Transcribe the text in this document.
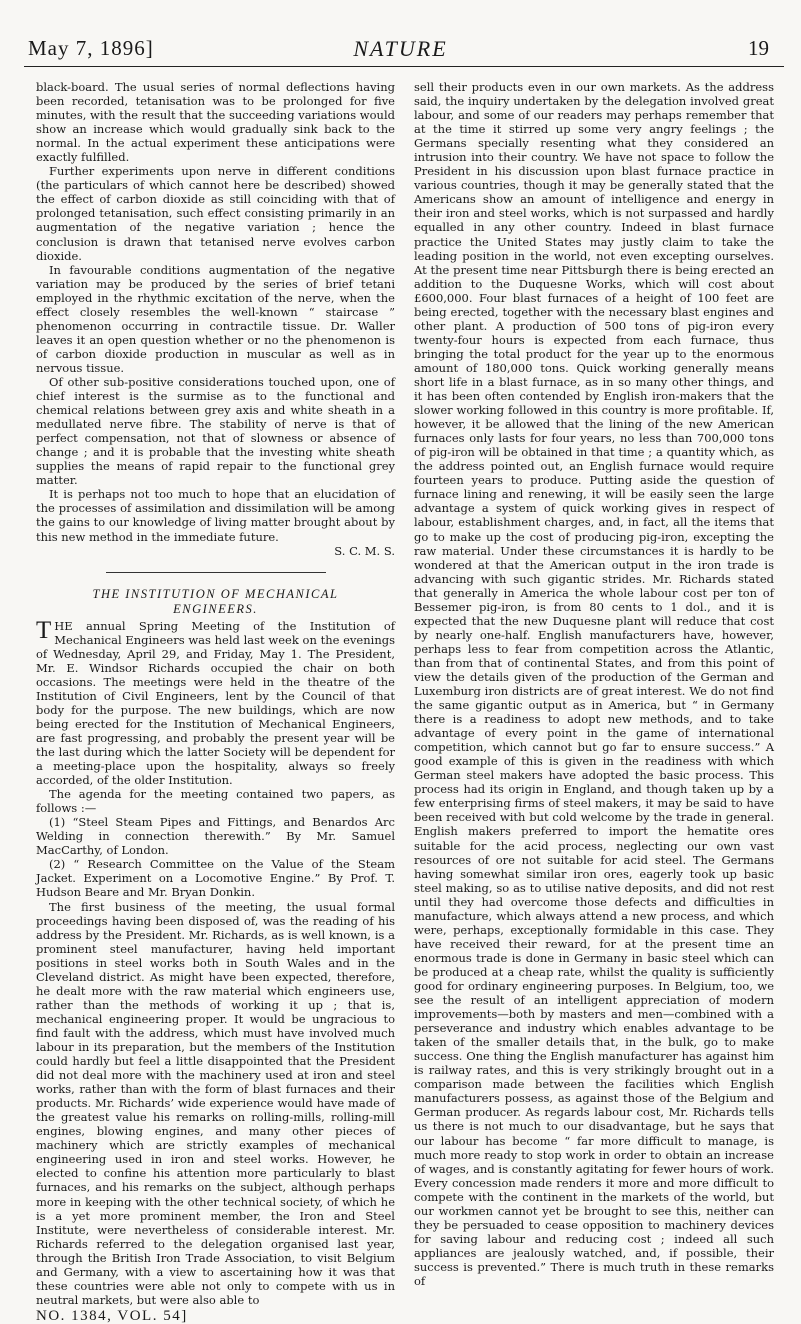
May 7, 1896]	NATURE	19

black-board. The usual series of normal deflections having been recorded, tetanisation was to be prolonged for five minutes, with the result that the succeeding variations would show an increase which would gradually sink back to the normal. In the actual experiment these anticipations were exactly fulfilled.

Further experiments upon nerve in different conditions (the particulars of which cannot here be described) showed the effect of carbon dioxide as still coinciding with that of prolonged tetanisation, such effect consisting primarily in an augmentation of the negative variation ; hence the conclusion is drawn that tetanised nerve evolves carbon dioxide.

In favourable conditions augmentation of the negative variation may be produced by the series of brief tetani employed in the rhythmic excitation of the nerve, when the effect closely resembles the well-known “ staircase ” phenomenon occurring in contractile tissue. Dr. Waller leaves it an open question whether or no the phenomenon is of carbon dioxide production in muscular as well as in nervous tissue.

Of other sub-positive considerations touched upon, one of chief interest is the surmise as to the functional and chemical relations between grey axis and white sheath in a medullated nerve fibre. The stability of nerve is that of perfect compensation, not that of slowness or absence of change ; and it is probable that the investing white sheath supplies the means of rapid repair to the functional grey matter.

It is perhaps not too much to hope that an elucidation of the processes of assimilation and dissimilation will be among the gains to our knowledge of living matter brought about by this new method in the immediate future.

S. C. M. S.

THE INSTITUTION OF MECHANICAL
ENGINEERS.

THE annual Spring Meeting of the Institution of Mechanical Engineers was held last week on the evenings of Wednesday, April 29, and Friday, May 1. The President, Mr. E. Windsor Richards occupied the chair on both occasions. The meetings were held in the theatre of the Institution of Civil Engineers, lent by the Council of that body for the purpose. The new buildings, which are now being erected for the Institution of Mechanical Engineers, are fast progressing, and probably the present year will be the last during which the latter Society will be dependent for a meeting-place upon the hospitality, always so freely accorded, of the older Institution.

The agenda for the meeting contained two papers, as follows :—

(1) “Steel Steam Pipes and Fittings, and Benardos Arc Welding in connection therewith.” By Mr. Samuel MacCarthy, of London.

(2) “ Research Committee on the Value of the Steam Jacket. Experiment on a Locomotive Engine.” By Prof. T. Hudson Beare and Mr. Bryan Donkin.

The first business of the meeting, the usual formal proceedings having been disposed of, was the reading of his address by the President. Mr. Richards, as is well known, is a prominent steel manufacturer, having held important positions in steel works both in South Wales and in the Cleveland district. As might have been expected, therefore, he dealt more with the raw material which engineers use, rather than the methods of working it up ; that is, mechanical engineering proper. It would be ungracious to find fault with the address, which must have involved much labour in its preparation, but the members of the Institution could hardly but feel a little disappointed that the President did not deal more with the machinery used at iron and steel works, rather than with the form of blast furnaces and their products. Mr. Richards’ wide experience would have made of the greatest value his remarks on rolling-mills, rolling-mill engines, blowing engines, and many other pieces of machinery which are strictly examples of mechanical engineering used in iron and steel works. However, he elected to confine his attention more particularly to blast furnaces, and his remarks on the subject, although perhaps more in keeping with the other technical society, of which he is a yet more prominent member, the Iron and Steel Institute, were nevertheless of considerable interest. Mr. Richards referred to the delegation organised last year, through the British Iron Trade Association, to visit Belgium and Germany, with a view to ascertaining how it was that these countries were able not only to compete with us in neutral markets, but were also able to

NO. 1384, VOL. 54]

sell their products even in our own markets. As the address said, the inquiry undertaken by the delegation involved great labour, and some of our readers may perhaps remember that at the time it stirred up some very angry feelings ; the Germans specially resenting what they considered an intrusion into their country. We have not space to follow the President in his discussion upon blast furnace practice in various countries, though it may be generally stated that the Americans show an amount of intelligence and energy in their iron and steel works, which is not surpassed and hardly equalled in any other country. Indeed in blast furnace practice the United States may justly claim to take the leading position in the world, not even excepting ourselves. At the present time near Pittsburgh there is being erected an addition to the Duquesne Works, which will cost about £600,000. Four blast furnaces of a height of 100 feet are being erected, together with the necessary blast engines and other plant. A production of 500 tons of pig-iron every twenty-four hours is expected from each furnace, thus bringing the total product for the year up to the enormous amount of 180,000 tons. Quick working generally means short life in a blast furnace, as in so many other things, and it has been often contended by English iron-makers that the slower working followed in this country is more profitable. If, however, it be allowed that the lining of the new American furnaces only lasts for four years, no less than 700,000 tons of pig-iron will be obtained in that time ; a quantity which, as the address pointed out, an English furnace would require fourteen years to produce. Putting aside the question of furnace lining and renewing, it will be easily seen the large advantage a system of quick working gives in respect of labour, establishment charges, and, in fact, all the items that go to make up the cost of producing pig-iron, excepting the raw material. Under these circumstances it is hardly to be wondered at that the American output in the iron trade is advancing with such gigantic strides. Mr. Richards stated that generally in America the whole labour cost per ton of Bessemer pig-iron, is from 80 cents to 1 dol., and it is expected that the new Duquesne plant will reduce that cost by nearly one-half. English manufacturers have, however, perhaps less to fear from competition across the Atlantic, than from that of continental States, and from this point of view the details given of the production of the German and Luxemburg iron districts are of great interest. We do not find the same gigantic output as in America, but “ in Germany there is a readiness to adopt new methods, and to take advantage of every point in the game of international competition, which cannot but go far to ensure success.” A good example of this is given in the readiness with which German steel makers have adopted the basic process. This process had its origin in England, and though taken up by a few enterprising firms of steel makers, it may be said to have been received with but cold welcome by the trade in general. English makers preferred to import the hematite ores suitable for the acid process, neglecting our own vast resources of ore not suitable for acid steel. The Germans having somewhat similar iron ores, eagerly took up basic steel making, so as to utilise native deposits, and did not rest until they had overcome those defects and difficulties in manufacture, which always attend a new process, and which were, perhaps, exceptionally formidable in this case. They have received their reward, for at the present time an enormous trade is done in Germany in basic steel which can be produced at a cheap rate, whilst the quality is sufficiently good for ordinary engineering purposes. In Belgium, too, we see the result of an intelligent appreciation of modern improvements—both by masters and men—combined with a perseverance and industry which enables advantage to be taken of the smaller details that, in the bulk, go to make success. One thing the English manufacturer has against him is railway rates, and this is very strikingly brought out in a comparison made between the facilities which English manufacturers possess, as against those of the Belgium and German producer. As regards labour cost, Mr. Richards tells us there is not much to our disadvantage, but he says that our labour has become “ far more difficult to manage, is much more ready to stop work in order to obtain an increase of wages, and is constantly agitating for fewer hours of work. Every concession made renders it more and more difficult to compete with the continent in the markets of the world, but our workmen cannot yet be brought to see this, neither can they be persuaded to cease opposition to machinery devices for saving labour and reducing cost ; indeed all such appliances are jealously watched, and, if possible, their success is prevented.” There is much truth in these remarks of
